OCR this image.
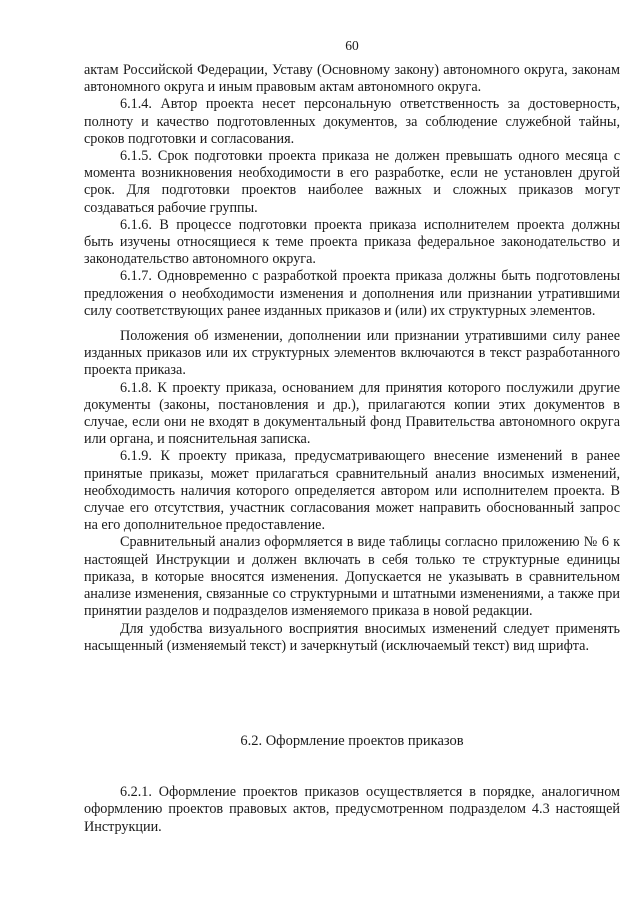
60

актам Российской Федерации, Уставу (Основному закону) автономного округа, законам автономного округа и иным правовым актам автономного округа.

6.1.4. Автор проекта несет персональную ответственность за достоверность, полноту и качество подготовленных документов, за соблюдение служебной тайны, сроков подготовки и согласования.

6.1.5. Срок подготовки проекта приказа не должен превышать одного месяца с момента возникновения необходимости в его разработке, если не установлен другой срок. Для подготовки проектов наиболее важных и сложных приказов могут создаваться рабочие группы.

6.1.6. В процессе подготовки проекта приказа исполнителем проекта должны быть изучены относящиеся к теме проекта приказа федеральное законодательство и законодательство автономного округа.

6.1.7. Одновременно с разработкой проекта приказа должны быть подготовлены предложения о необходимости изменения и дополнения или признании утратившими силу соответствующих ранее изданных приказов и (или) их структурных элементов.

Положения об изменении, дополнении или признании утратившими силу ранее изданных приказов или их структурных элементов включаются в текст разработанного проекта приказа.

6.1.8. К проекту приказа, основанием для принятия которого послужили другие документы (законы, постановления и др.), прилагаются копии этих документов в случае, если они не входят в документальный фонд Правительства автономного округа или органа, и пояснительная записка.

6.1.9. К проекту приказа, предусматривающего внесение изменений в ранее принятые приказы, может прилагаться сравнительный анализ вносимых изменений, необходимость наличия которого определяется автором или исполнителем проекта. В случае его отсутствия, участник согласования может направить обоснованный запрос на его дополнительное предоставление.

Сравнительный анализ оформляется в виде таблицы согласно приложению № 6 к настоящей Инструкции и должен включать в себя только те структурные единицы приказа, в которые вносятся изменения. Допускается не указывать в сравнительном анализе изменения, связанные со структурными и штатными изменениями, а также при принятии разделов и подразделов изменяемого приказа в новой редакции.

Для удобства визуального восприятия вносимых изменений следует применять насыщенный (изменяемый текст) и зачеркнутый (исключаемый текст) вид шрифта.

6.2. Оформление проектов приказов

6.2.1. Оформление проектов приказов осуществляется в порядке, аналогичном оформлению проектов правовых актов, предусмотренном подразделом 4.3 настоящей Инструкции.
